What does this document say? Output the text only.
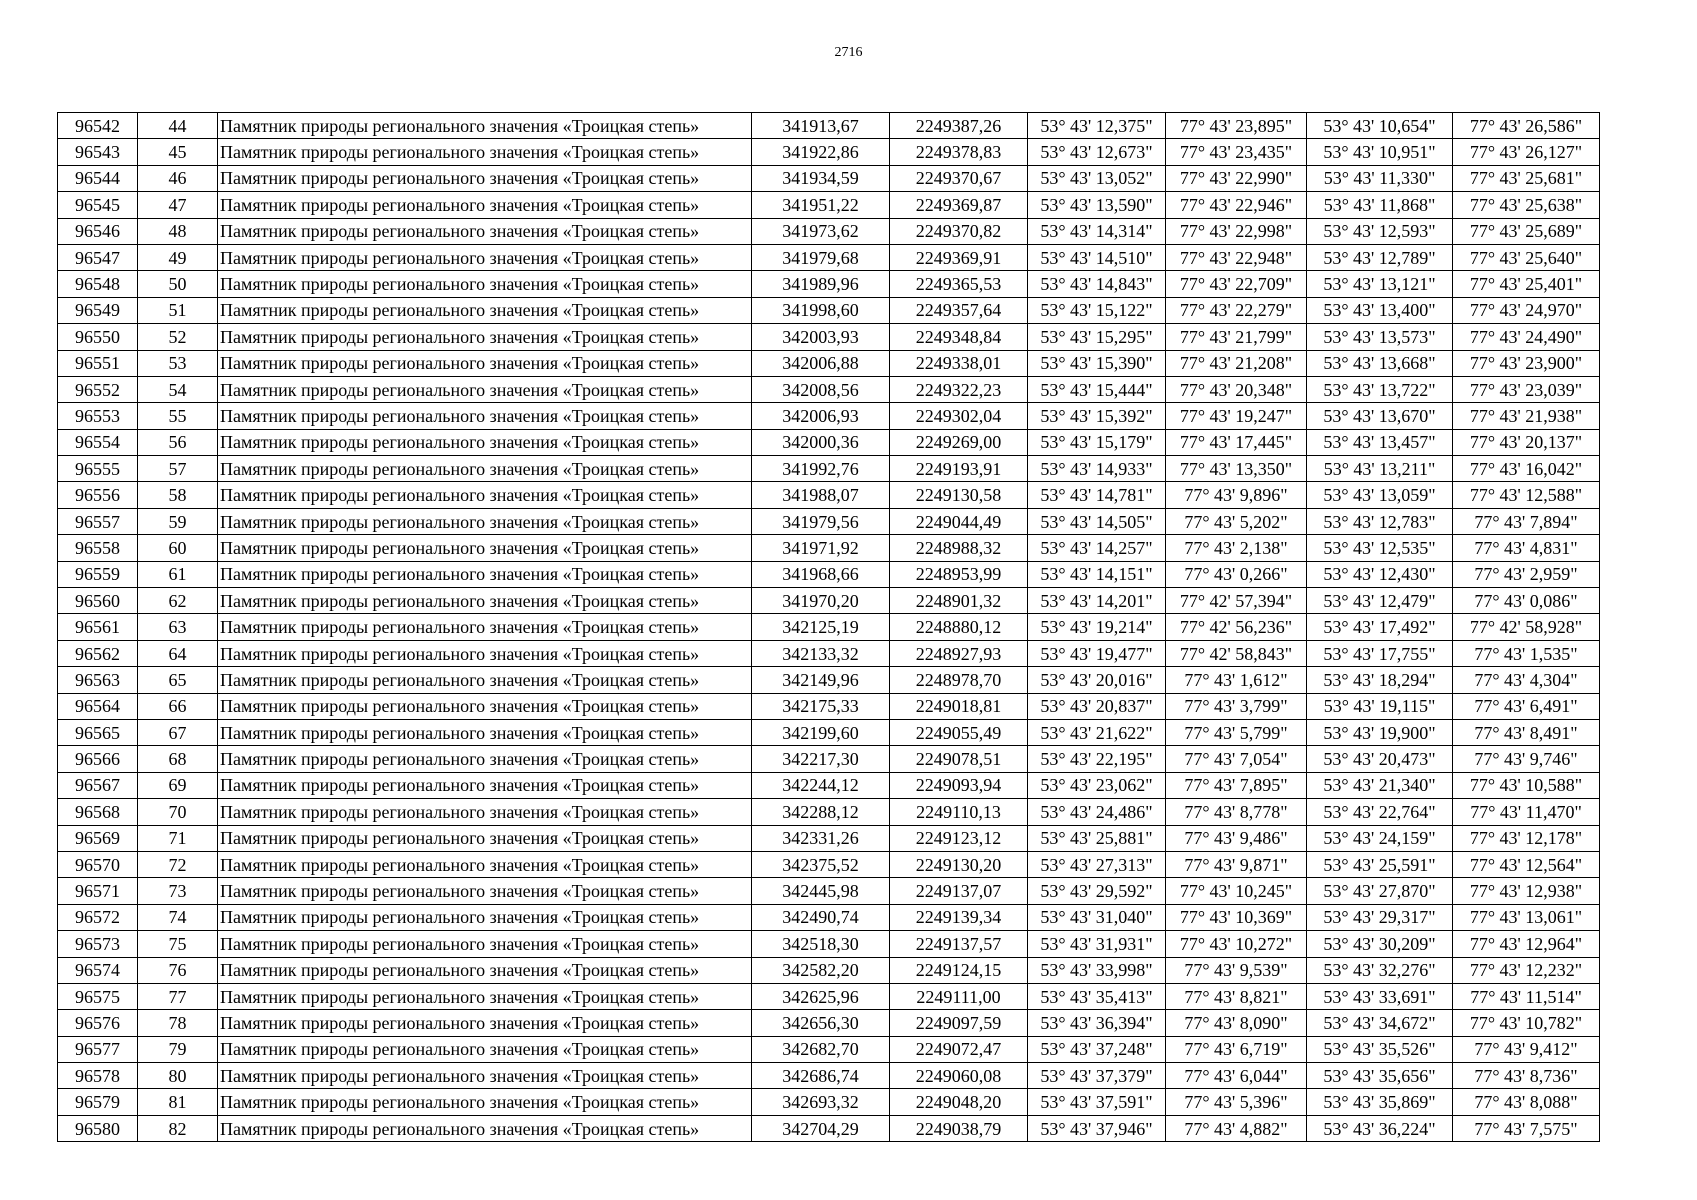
2716
96542	44	Памятник природы регионального значения «Троицкая степь»	341913,67	2249387,26	53° 43' 12,375"	77° 43' 23,895"	53° 43' 10,654"	77° 43' 26,586"
96543	45	Памятник природы регионального значения «Троицкая степь»	341922,86	2249378,83	53° 43' 12,673"	77° 43' 23,435"	53° 43' 10,951"	77° 43' 26,127"
96544	46	Памятник природы регионального значения «Троицкая степь»	341934,59	2249370,67	53° 43' 13,052"	77° 43' 22,990"	53° 43' 11,330"	77° 43' 25,681"
96545	47	Памятник природы регионального значения «Троицкая степь»	341951,22	2249369,87	53° 43' 13,590"	77° 43' 22,946"	53° 43' 11,868"	77° 43' 25,638"
96546	48	Памятник природы регионального значения «Троицкая степь»	341973,62	2249370,82	53° 43' 14,314"	77° 43' 22,998"	53° 43' 12,593"	77° 43' 25,689"
96547	49	Памятник природы регионального значения «Троицкая степь»	341979,68	2249369,91	53° 43' 14,510"	77° 43' 22,948"	53° 43' 12,789"	77° 43' 25,640"
96548	50	Памятник природы регионального значения «Троицкая степь»	341989,96	2249365,53	53° 43' 14,843"	77° 43' 22,709"	53° 43' 13,121"	77° 43' 25,401"
96549	51	Памятник природы регионального значения «Троицкая степь»	341998,60	2249357,64	53° 43' 15,122"	77° 43' 22,279"	53° 43' 13,400"	77° 43' 24,970"
96550	52	Памятник природы регионального значения «Троицкая степь»	342003,93	2249348,84	53° 43' 15,295"	77° 43' 21,799"	53° 43' 13,573"	77° 43' 24,490"
96551	53	Памятник природы регионального значения «Троицкая степь»	342006,88	2249338,01	53° 43' 15,390"	77° 43' 21,208"	53° 43' 13,668"	77° 43' 23,900"
96552	54	Памятник природы регионального значения «Троицкая степь»	342008,56	2249322,23	53° 43' 15,444"	77° 43' 20,348"	53° 43' 13,722"	77° 43' 23,039"
96553	55	Памятник природы регионального значения «Троицкая степь»	342006,93	2249302,04	53° 43' 15,392"	77° 43' 19,247"	53° 43' 13,670"	77° 43' 21,938"
96554	56	Памятник природы регионального значения «Троицкая степь»	342000,36	2249269,00	53° 43' 15,179"	77° 43' 17,445"	53° 43' 13,457"	77° 43' 20,137"
96555	57	Памятник природы регионального значения «Троицкая степь»	341992,76	2249193,91	53° 43' 14,933"	77° 43' 13,350"	53° 43' 13,211"	77° 43' 16,042"
96556	58	Памятник природы регионального значения «Троицкая степь»	341988,07	2249130,58	53° 43' 14,781"	77° 43' 9,896"	53° 43' 13,059"	77° 43' 12,588"
96557	59	Памятник природы регионального значения «Троицкая степь»	341979,56	2249044,49	53° 43' 14,505"	77° 43' 5,202"	53° 43' 12,783"	77° 43' 7,894"
96558	60	Памятник природы регионального значения «Троицкая степь»	341971,92	2248988,32	53° 43' 14,257"	77° 43' 2,138"	53° 43' 12,535"	77° 43' 4,831"
96559	61	Памятник природы регионального значения «Троицкая степь»	341968,66	2248953,99	53° 43' 14,151"	77° 43' 0,266"	53° 43' 12,430"	77° 43' 2,959"
96560	62	Памятник природы регионального значения «Троицкая степь»	341970,20	2248901,32	53° 43' 14,201"	77° 42' 57,394"	53° 43' 12,479"	77° 43' 0,086"
96561	63	Памятник природы регионального значения «Троицкая степь»	342125,19	2248880,12	53° 43' 19,214"	77° 42' 56,236"	53° 43' 17,492"	77° 42' 58,928"
96562	64	Памятник природы регионального значения «Троицкая степь»	342133,32	2248927,93	53° 43' 19,477"	77° 42' 58,843"	53° 43' 17,755"	77° 43' 1,535"
96563	65	Памятник природы регионального значения «Троицкая степь»	342149,96	2248978,70	53° 43' 20,016"	77° 43' 1,612"	53° 43' 18,294"	77° 43' 4,304"
96564	66	Памятник природы регионального значения «Троицкая степь»	342175,33	2249018,81	53° 43' 20,837"	77° 43' 3,799"	53° 43' 19,115"	77° 43' 6,491"
96565	67	Памятник природы регионального значения «Троицкая степь»	342199,60	2249055,49	53° 43' 21,622"	77° 43' 5,799"	53° 43' 19,900"	77° 43' 8,491"
96566	68	Памятник природы регионального значения «Троицкая степь»	342217,30	2249078,51	53° 43' 22,195"	77° 43' 7,054"	53° 43' 20,473"	77° 43' 9,746"
96567	69	Памятник природы регионального значения «Троицкая степь»	342244,12	2249093,94	53° 43' 23,062"	77° 43' 7,895"	53° 43' 21,340"	77° 43' 10,588"
96568	70	Памятник природы регионального значения «Троицкая степь»	342288,12	2249110,13	53° 43' 24,486"	77° 43' 8,778"	53° 43' 22,764"	77° 43' 11,470"
96569	71	Памятник природы регионального значения «Троицкая степь»	342331,26	2249123,12	53° 43' 25,881"	77° 43' 9,486"	53° 43' 24,159"	77° 43' 12,178"
96570	72	Памятник природы регионального значения «Троицкая степь»	342375,52	2249130,20	53° 43' 27,313"	77° 43' 9,871"	53° 43' 25,591"	77° 43' 12,564"
96571	73	Памятник природы регионального значения «Троицкая степь»	342445,98	2249137,07	53° 43' 29,592"	77° 43' 10,245"	53° 43' 27,870"	77° 43' 12,938"
96572	74	Памятник природы регионального значения «Троицкая степь»	342490,74	2249139,34	53° 43' 31,040"	77° 43' 10,369"	53° 43' 29,317"	77° 43' 13,061"
96573	75	Памятник природы регионального значения «Троицкая степь»	342518,30	2249137,57	53° 43' 31,931"	77° 43' 10,272"	53° 43' 30,209"	77° 43' 12,964"
96574	76	Памятник природы регионального значения «Троицкая степь»	342582,20	2249124,15	53° 43' 33,998"	77° 43' 9,539"	53° 43' 32,276"	77° 43' 12,232"
96575	77	Памятник природы регионального значения «Троицкая степь»	342625,96	2249111,00	53° 43' 35,413"	77° 43' 8,821"	53° 43' 33,691"	77° 43' 11,514"
96576	78	Памятник природы регионального значения «Троицкая степь»	342656,30	2249097,59	53° 43' 36,394"	77° 43' 8,090"	53° 43' 34,672"	77° 43' 10,782"
96577	79	Памятник природы регионального значения «Троицкая степь»	342682,70	2249072,47	53° 43' 37,248"	77° 43' 6,719"	53° 43' 35,526"	77° 43' 9,412"
96578	80	Памятник природы регионального значения «Троицкая степь»	342686,74	2249060,08	53° 43' 37,379"	77° 43' 6,044"	53° 43' 35,656"	77° 43' 8,736"
96579	81	Памятник природы регионального значения «Троицкая степь»	342693,32	2249048,20	53° 43' 37,591"	77° 43' 5,396"	53° 43' 35,869"	77° 43' 8,088"
96580	82	Памятник природы регионального значения «Троицкая степь»	342704,29	2249038,79	53° 43' 37,946"	77° 43' 4,882"	53° 43' 36,224"	77° 43' 7,575"
